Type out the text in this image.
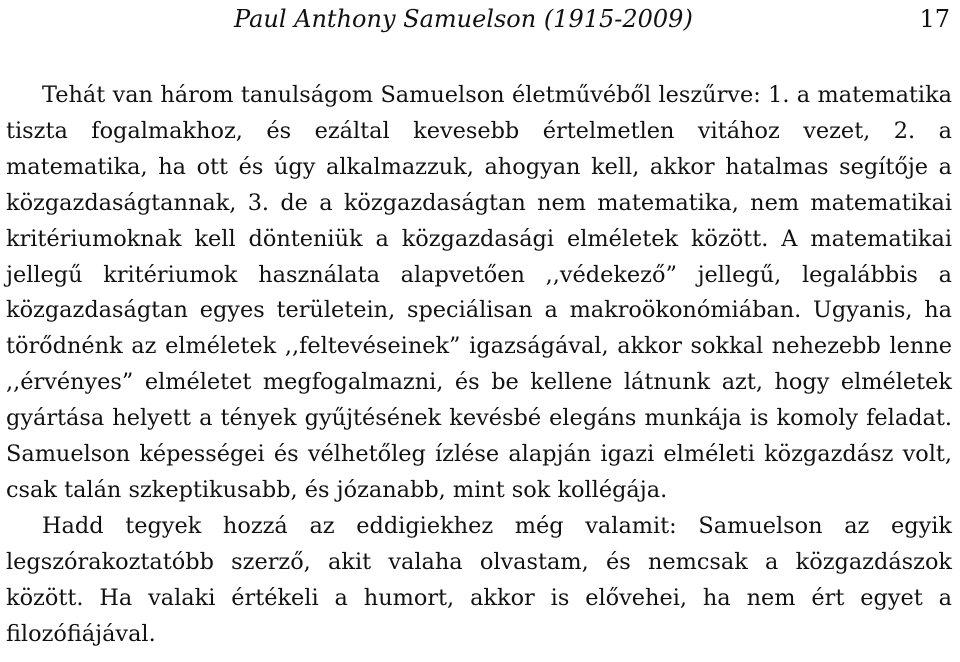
Paul Anthony Samuelson (1915-2009)	17

Tehát van három tanulságom Samuelson életművéből leszűrve: 1. a matematika tiszta fogalmakhoz, és ezáltal kevesebb értelmetlen vitához vezet, 2. a matematika, ha ott és úgy alkalmazzuk, ahogyan kell, akkor hatalmas segítője a közgazdaságtannak, 3. de a közgazdaságtan nem matematika, nem matematikai kritériumoknak kell dönteniük a közgazdasági elméletek között. A matematikai jellegű kritériumok használata alapvetően ,,védekező” jellegű, legalábbis a közgazdaságtan egyes területein, speciálisan a makroökonómiában. Ugyanis, ha törődnénk az elméletek ,,feltevéseinek” igazságával, akkor sokkal nehezebb lenne ,,érvényes” elméletet megfogalmazni, és be kellene látnunk azt, hogy elméletek gyártása helyett a tények gyűjtésének kevésbé elegáns munkája is komoly feladat. Samuelson képességei és vélhetőleg ízlése alapján igazi elméleti közgazdász volt, csak talán szkeptikusabb, és józanabb, mint sok kollégája.

Hadd tegyek hozzá az eddigiekhez még valamit: Samuelson az egyik legszórakoztatóbb szerző, akit valaha olvastam, és nemcsak a közgazdászok között. Ha valaki értékeli a humort, akkor is elővehei, ha nem ért egyet a filozófiájával.
